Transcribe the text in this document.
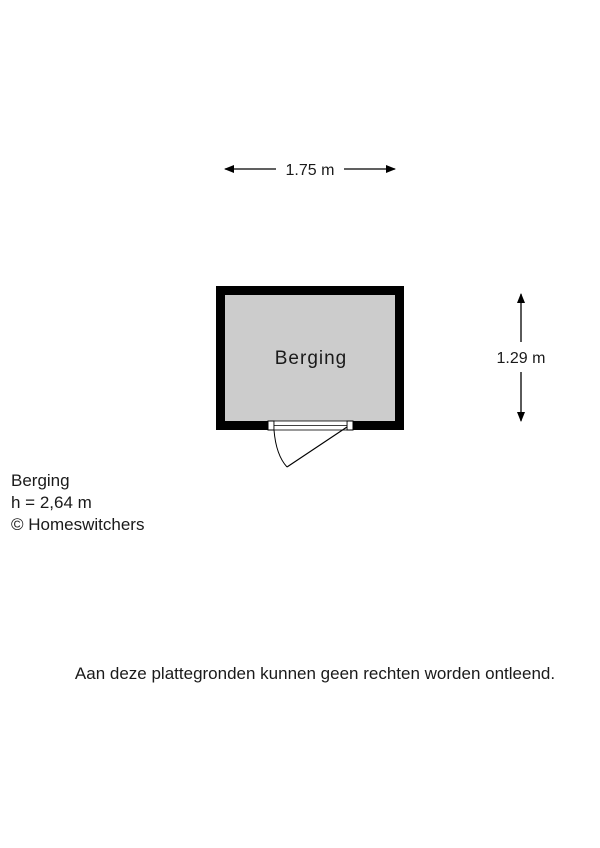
1.75 m
1.29 m
Berging
Berging
h = 2,64 m
© Homeswitchers
Aan deze plattegronden kunnen geen rechten worden ontleend.
